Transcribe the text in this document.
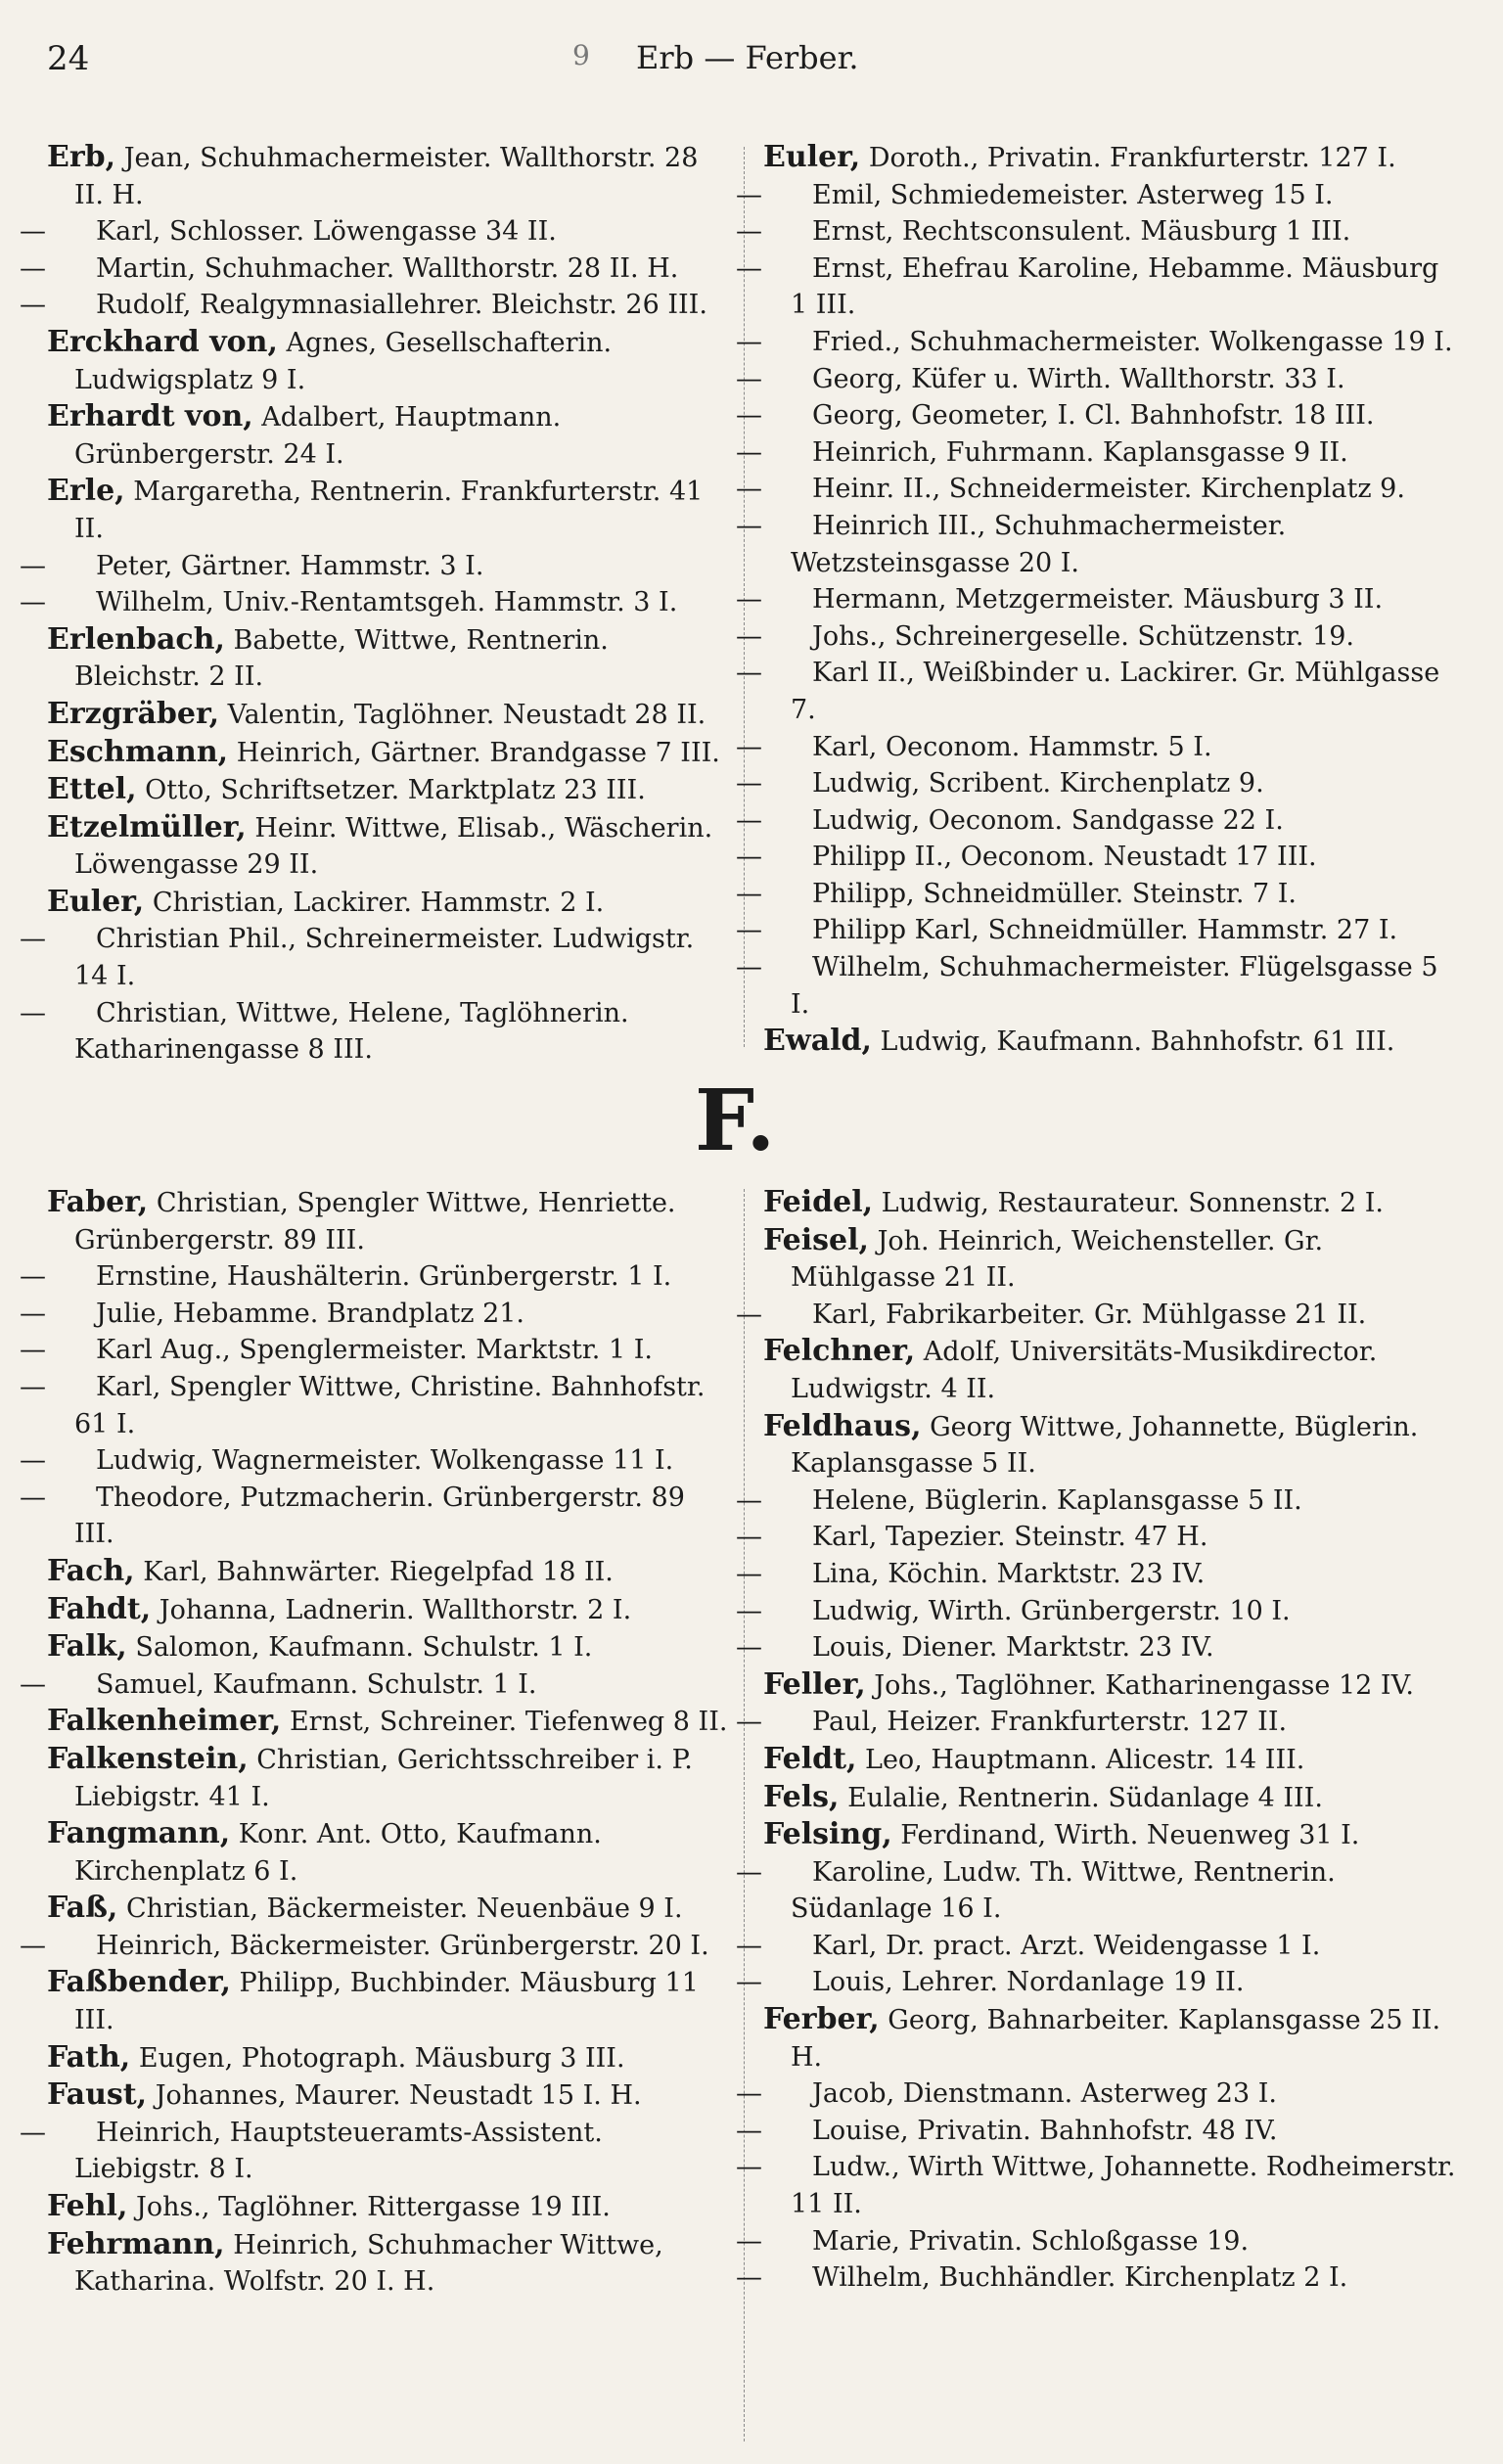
24	9 Erb — Ferber.

Erb, Jean, Schuhmachermeister. Wallthorstr. 28 II. H.

— Karl, Schlosser. Löwengasse 34 II.

— Martin, Schuhmacher. Wallthorstr. 28 II. H.

— Rudolf, Realgymnasiallehrer. Bleichstr. 26 III.

Erckhard von, Agnes, Gesellschafterin. Ludwigsplatz 9 I.

Erhardt von, Adalbert, Hauptmann. Grünbergerstr. 24 I.

Erle, Margaretha, Rentnerin. Frankfurterstr. 41 II.

— Peter, Gärtner. Hammstr. 3 I.

— Wilhelm, Univ.-Rentamtsgeh. Hammstr. 3 I.

Erlenbach, Babette, Wittwe, Rentnerin. Bleichstr. 2 II.

Erzgräber, Valentin, Taglöhner. Neustadt 28 II.

Eschmann, Heinrich, Gärtner. Brandgasse 7 III.

Ettel, Otto, Schriftsetzer. Marktplatz 23 III.

Etzelmüller, Heinr. Wittwe, Elisab., Wäscherin. Löwengasse 29 II.

Euler, Christian, Lackirer. Hammstr. 2 I.

— Christian Phil., Schreinermeister. Ludwigstr. 14 I.

— Christian, Wittwe, Helene, Taglöhnerin. Katharinengasse 8 III.

Euler, Doroth., Privatin. Frankfurterstr. 127 I.

— Emil, Schmiedemeister. Asterweg 15 I.

— Ernst, Rechtsconsulent. Mäusburg 1 III.

— Ernst, Ehefrau Karoline, Hebamme. Mäusburg 1 III.

— Fried., Schuhmachermeister. Wolkengasse 19 I.

— Georg, Küfer u. Wirth. Wallthorstr. 33 I.

— Georg, Geometer, I. Cl. Bahnhofstr. 18 III.

— Heinrich, Fuhrmann. Kaplansgasse 9 II.

— Heinr. II., Schneidermeister. Kirchenplatz 9.

— Heinrich III., Schuhmachermeister. Wetzsteinsgasse 20 I.

— Hermann, Metzgermeister. Mäusburg 3 II.

— Johs., Schreinergeselle. Schützenstr. 19.

— Karl II., Weißbinder u. Lackirer. Gr. Mühlgasse 7.

— Karl, Oeconom. Hammstr. 5 I.

— Ludwig, Scribent. Kirchenplatz 9.

— Ludwig, Oeconom. Sandgasse 22 I.

— Philipp II., Oeconom. Neustadt 17 III.

— Philipp, Schneidmüller. Steinstr. 7 I.

— Philipp Karl, Schneidmüller. Hammstr. 27 I.

— Wilhelm, Schuhmachermeister. Flügelsgasse 5 I.

Ewald, Ludwig, Kaufmann. Bahnhofstr. 61 III.

F.

Faber, Christian, Spengler Wittwe, Henriette. Grünbergerstr. 89 III.

— Ernstine, Haushälterin. Grünbergerstr. 1 I.

— Julie, Hebamme. Brandplatz 21.

— Karl Aug., Spenglermeister. Marktstr. 1 I.

— Karl, Spengler Wittwe, Christine. Bahnhofstr. 61 I.

— Ludwig, Wagnermeister. Wolkengasse 11 I.

— Theodore, Putzmacherin. Grünbergerstr. 89 III.

Fach, Karl, Bahnwärter. Riegelpfad 18 II.

Fahdt, Johanna, Ladnerin. Wallthorstr. 2 I.

Falk, Salomon, Kaufmann. Schulstr. 1 I.

— Samuel, Kaufmann. Schulstr. 1 I.

Falkenheimer, Ernst, Schreiner. Tiefenweg 8 II.

Falkenstein, Christian, Gerichtsschreiber i. P. Liebigstr. 41 I.

Fangmann, Konr. Ant. Otto, Kaufmann. Kirchenplatz 6 I.

Faß, Christian, Bäckermeister. Neuenbäue 9 I.

— Heinrich, Bäckermeister. Grünbergerstr. 20 I.

Faßbender, Philipp, Buchbinder. Mäusburg 11 III.

Fath, Eugen, Photograph. Mäusburg 3 III.

Faust, Johannes, Maurer. Neustadt 15 I. H.

— Heinrich, Hauptsteueramts-Assistent. Liebigstr. 8 I.

Fehl, Johs., Taglöhner. Rittergasse 19 III.

Fehrmann, Heinrich, Schuhmacher Wittwe, Katharina. Wolfstr. 20 I. H.

Feidel, Ludwig, Restaurateur. Sonnenstr. 2 I.

Feisel, Joh. Heinrich, Weichensteller. Gr. Mühlgasse 21 II.

— Karl, Fabrikarbeiter. Gr. Mühlgasse 21 II.

Felchner, Adolf, Universitäts-Musikdirector. Ludwigstr. 4 II.

Feldhaus, Georg Wittwe, Johannette, Büglerin. Kaplansgasse 5 II.

— Helene, Büglerin. Kaplansgasse 5 II.

— Karl, Tapezier. Steinstr. 47 H.

— Lina, Köchin. Marktstr. 23 IV.

— Ludwig, Wirth. Grünbergerstr. 10 I.

— Louis, Diener. Marktstr. 23 IV.

Feller, Johs., Taglöhner. Katharinengasse 12 IV.

— Paul, Heizer. Frankfurterstr. 127 II.

Feldt, Leo, Hauptmann. Alicestr. 14 III.

Fels, Eulalie, Rentnerin. Südanlage 4 III.

Felsing, Ferdinand, Wirth. Neuenweg 31 I.

— Karoline, Ludw. Th. Wittwe, Rentnerin. Südanlage 16 I.

— Karl, Dr. pract. Arzt. Weidengasse 1 I.

— Louis, Lehrer. Nordanlage 19 II.

Ferber, Georg, Bahnarbeiter. Kaplansgasse 25 II. H.

— Jacob, Dienstmann. Asterweg 23 I.

— Louise, Privatin. Bahnhofstr. 48 IV.

— Ludw., Wirth Wittwe, Johannette. Rodheimerstr. 11 II.

— Marie, Privatin. Schloßgasse 19.

— Wilhelm, Buchhändler. Kirchenplatz 2 I.
